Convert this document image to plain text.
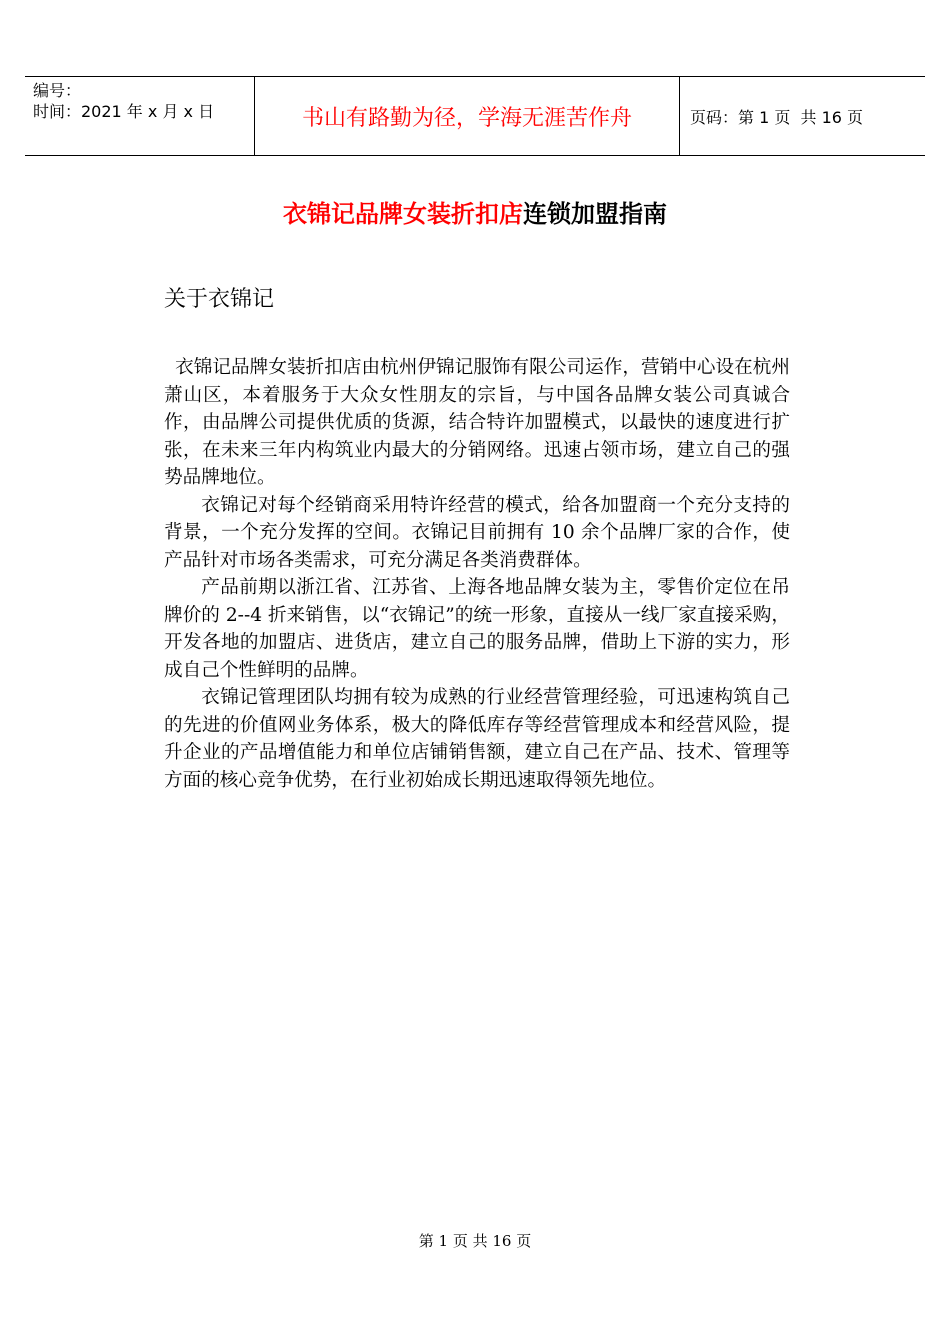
编号：
时间：2021 年 x 月 x 日	书山有路勤为径，学海无涯苦作舟	页码：第 1 页  共 16 页
衣锦记品牌女装折扣店连锁加盟指南
关于衣锦记

衣锦记品牌女装折扣店由杭州伊锦记服饰有限公司运作，营销中心设在杭州萧山区，本着服务于大众女性朋友的宗旨，与中国各品牌女装公司真诚合作，由品牌公司提供优质的货源，结合特许加盟模式，以最快的速度进行扩张，在未来三年内构筑业内最大的分销网络。迅速占领市场，建立自己的强势品牌地位。

衣锦记对每个经销商采用特许经营的模式，给各加盟商一个充分支持的背景，一个充分发挥的空间。衣锦记目前拥有 10 余个品牌厂家的合作，使产品针对市场各类需求，可充分满足各类消费群体。

产品前期以浙江省、江苏省、上海各地品牌女装为主，零售价定位在吊牌价的 2--4 折来销售，以“衣锦记”的统一形象，直接从一线厂家直接采购，开发各地的加盟店、进货店，建立自己的服务品牌，借助上下游的实力，形成自己个性鲜明的品牌。

衣锦记管理团队均拥有较为成熟的行业经营管理经验，可迅速构筑自己的先进的价值网业务体系，极大的降低库存等经营管理成本和经营风险，提升企业的产品增值能力和单位店铺销售额，建立自己在产品、技术、管理等方面的核心竞争优势，在行业初始成长期迅速取得领先地位。

第 1 页 共 16 页
